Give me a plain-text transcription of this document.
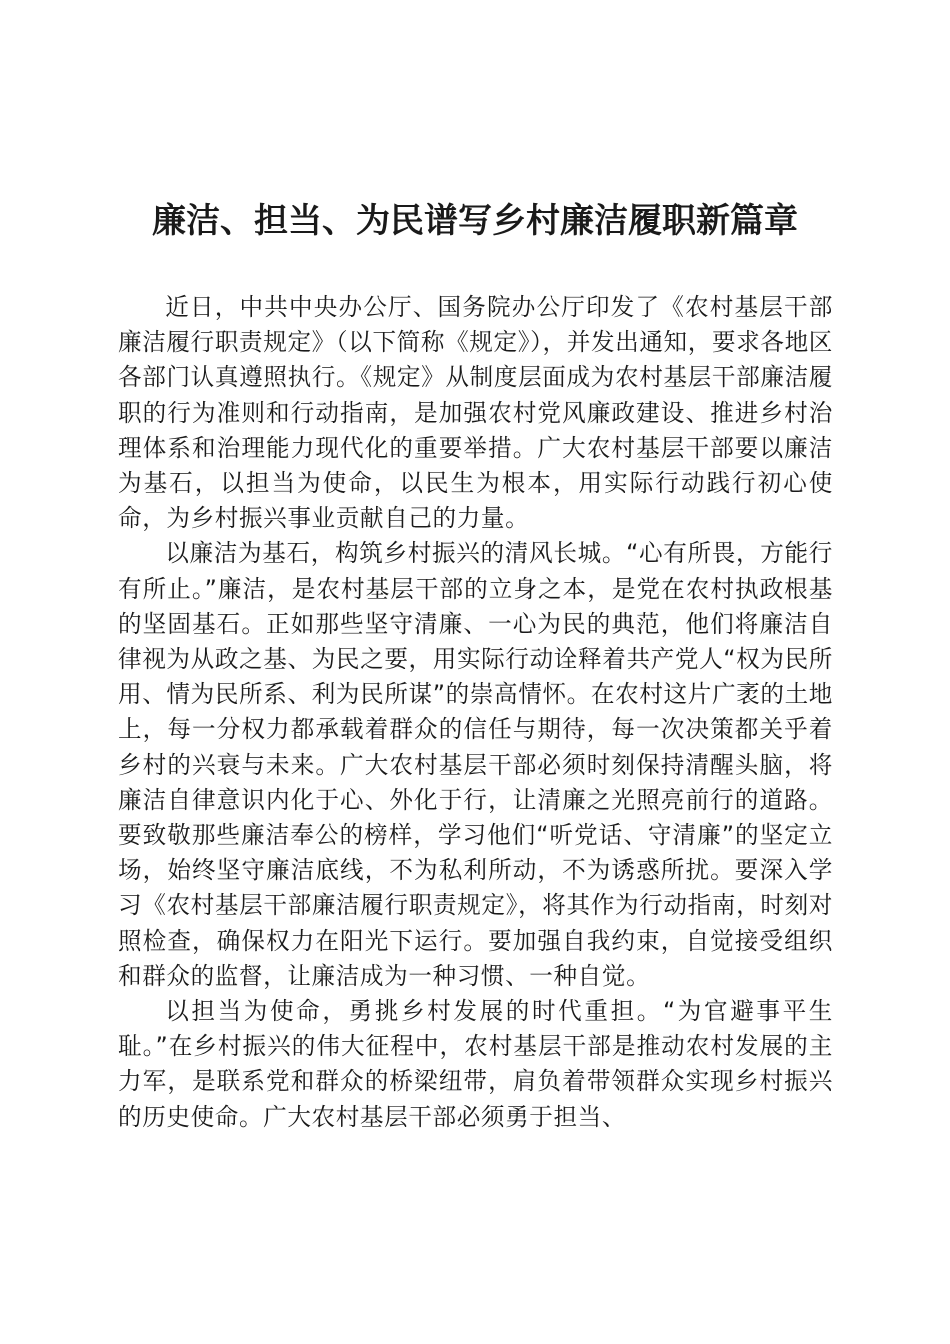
廉洁、担当、为民谱写乡村廉洁履职新篇章

近日，中共中央办公厅、国务院办公厅印发了《农村基层干部廉洁履行职责规定》（以下简称《规定》），并发出通知，要求各地区各部门认真遵照执行。《规定》从制度层面成为农村基层干部廉洁履职的行为准则和行动指南，是加强农村党风廉政建设、推进乡村治理体系和治理能力现代化的重要举措。广大农村基层干部要以廉洁为基石，以担当为使命，以民生为根本，用实际行动践行初心使命，为乡村振兴事业贡献自己的力量。

以廉洁为基石，构筑乡村振兴的清风长城。“心有所畏，方能行有所止。”廉洁，是农村基层干部的立身之本，是党在农村执政根基的坚固基石。正如那些坚守清廉、一心为民的典范，他们将廉洁自律视为从政之基、为民之要，用实际行动诠释着共产党人“权为民所用、情为民所系、利为民所谋”的崇高情怀。在农村这片广袤的土地上，每一分权力都承载着群众的信任与期待，每一次决策都关乎着乡村的兴衰与未来。广大农村基层干部必须时刻保持清醒头脑，将廉洁自律意识内化于心、外化于行，让清廉之光照亮前行的道路。要致敬那些廉洁奉公的榜样，学习他们“听党话、守清廉”的坚定立场，始终坚守廉洁底线，不为私利所动，不为诱惑所扰。要深入学习《农村基层干部廉洁履行职责规定》，将其作为行动指南，时刻对照检查，确保权力在阳光下运行。要加强自我约束，自觉接受组织和群众的监督，让廉洁成为一种习惯、一种自觉。

以担当为使命，勇挑乡村发展的时代重担。“为官避事平生耻。”在乡村振兴的伟大征程中，农村基层干部是推动农村发展的主力军，是联系党和群众的桥梁纽带，肩负着带领群众实现乡村振兴的历史使命。广大农村基层干部必须勇于担当、
